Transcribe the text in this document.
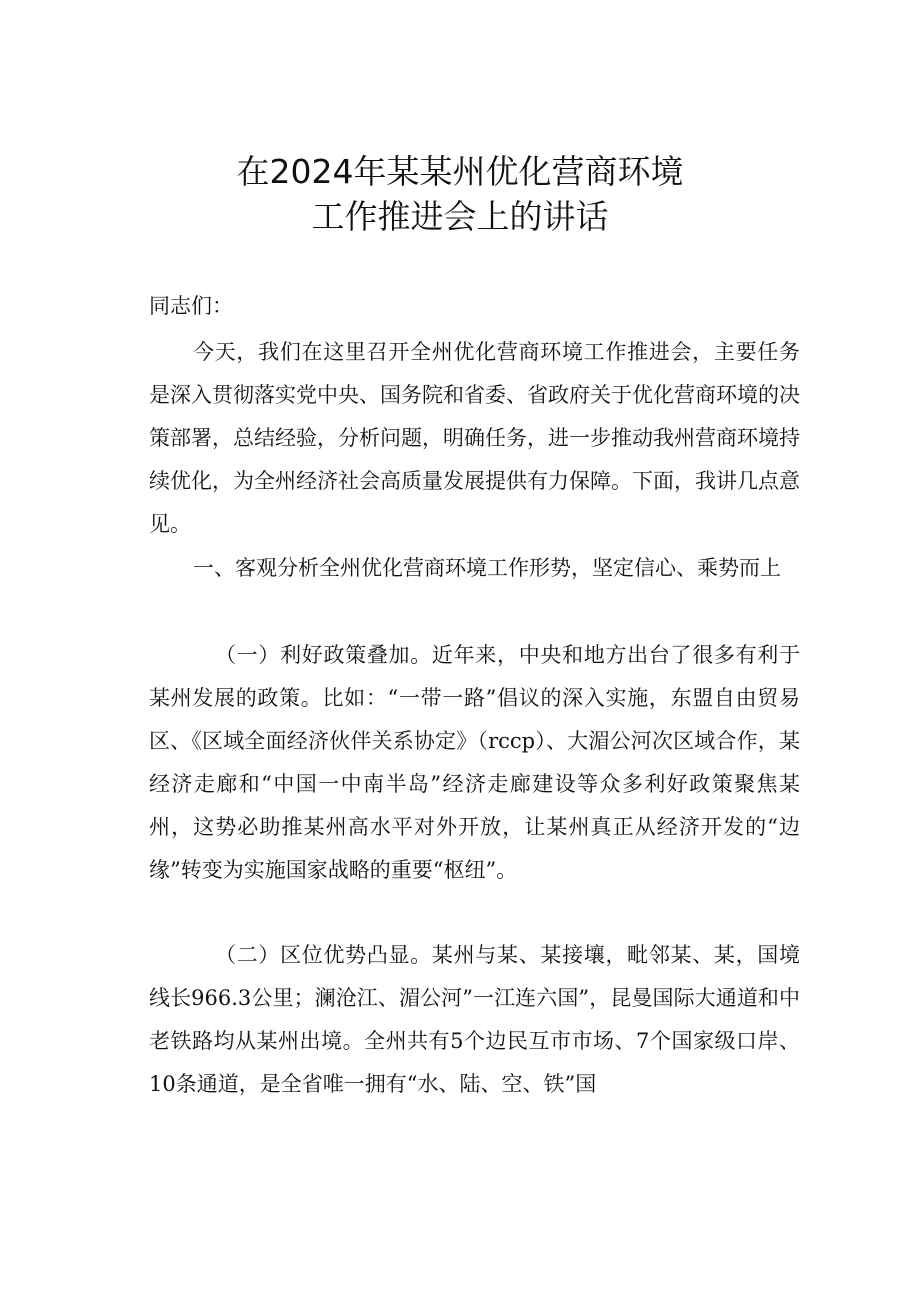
在2024年某某州优化营商环境
工作推进会上的讲话

同志们：

今天，我们在这里召开全州优化营商环境工作推进会，主要任务是深入贯彻落实党中央、国务院和省委、省政府关于优化营商环境的决策部署，总结经验，分析问题，明确任务，进一步推动我州营商环境持续优化，为全州经济社会高质量发展提供有力保障。下面，我讲几点意见。

一、客观分析全州优化营商环境工作形势，坚定信心、乘势而上

（一）利好政策叠加。近年来，中央和地方出台了很多有利于某州发展的政策。比如：“一带一路”倡议的深入实施，东盟自由贸易区、《区域全面经济伙伴关系协定》（rccp）、大湄公河次区域合作，某经济走廊和“中国一中南半岛”经济走廊建设等众多利好政策聚焦某州，这势必助推某州高水平对外开放，让某州真正从经济开发的“边缘”转变为实施国家战略的重要“枢纽”。

（二）区位优势凸显。某州与某、某接壤，毗邻某、某，国境线长966.3公里；澜沧江、湄公河”一江连六国”，昆曼国际大通道和中老铁路均从某州出境。全州共有5个边民互市市场、7个国家级口岸、10条通道，是全省唯一拥有“水、陆、空、铁”国
